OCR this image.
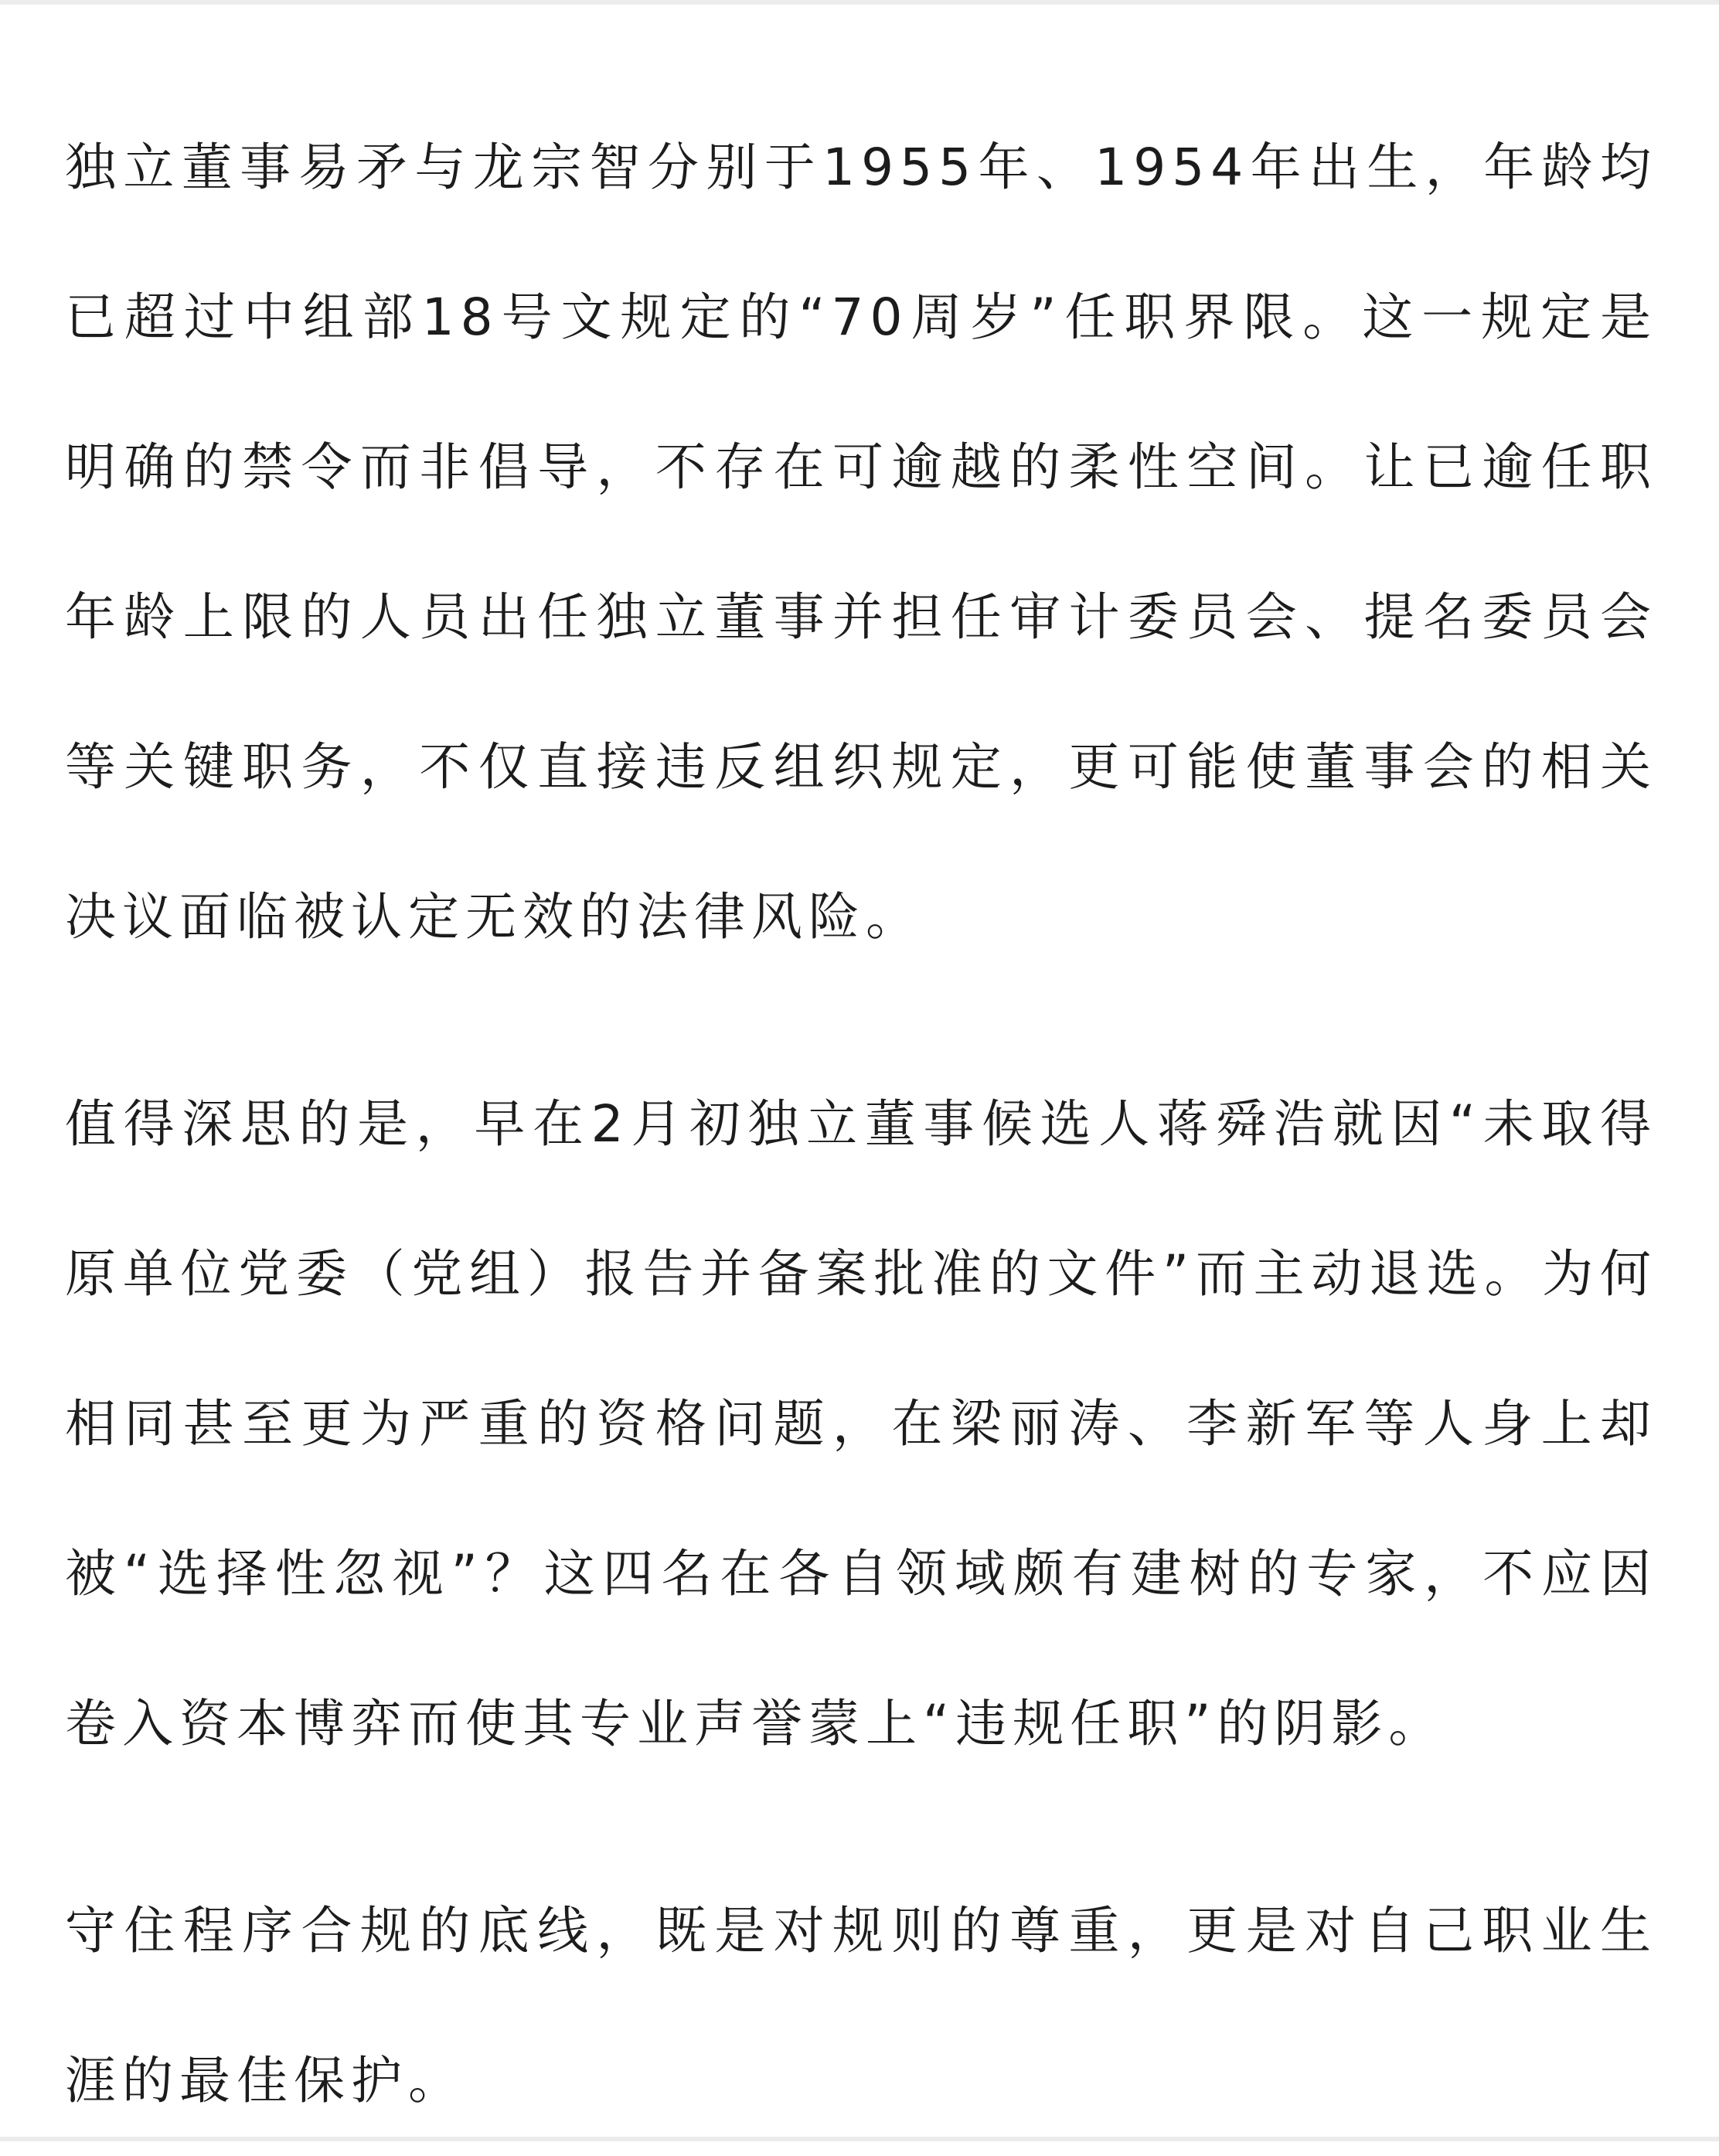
独立董事易矛与龙宗智分别于1955年、1954年出生，年龄均已超过中组部18号文规定的“70周岁”任职界限。这一规定是明确的禁令而非倡导，不存在可逾越的柔性空间。让已逾任职年龄上限的人员出任独立董事并担任审计委员会、提名委员会等关键职务，不仅直接违反组织规定，更可能使董事会的相关决议面临被认定无效的法律风险。

值得深思的是，早在2月初独立董事候选人蒋舜浩就因“未取得原单位党委（党组）报告并备案批准的文件”而主动退选。为何相同甚至更为严重的资格问题，在梁丽涛、李新军等人身上却被“选择性忽视”？这四名在各自领域颇有建树的专家，不应因卷入资本博弈而使其专业声誉蒙上“违规任职”的阴影。

守住程序合规的底线，既是对规则的尊重，更是对自己职业生涯的最佳保护。
